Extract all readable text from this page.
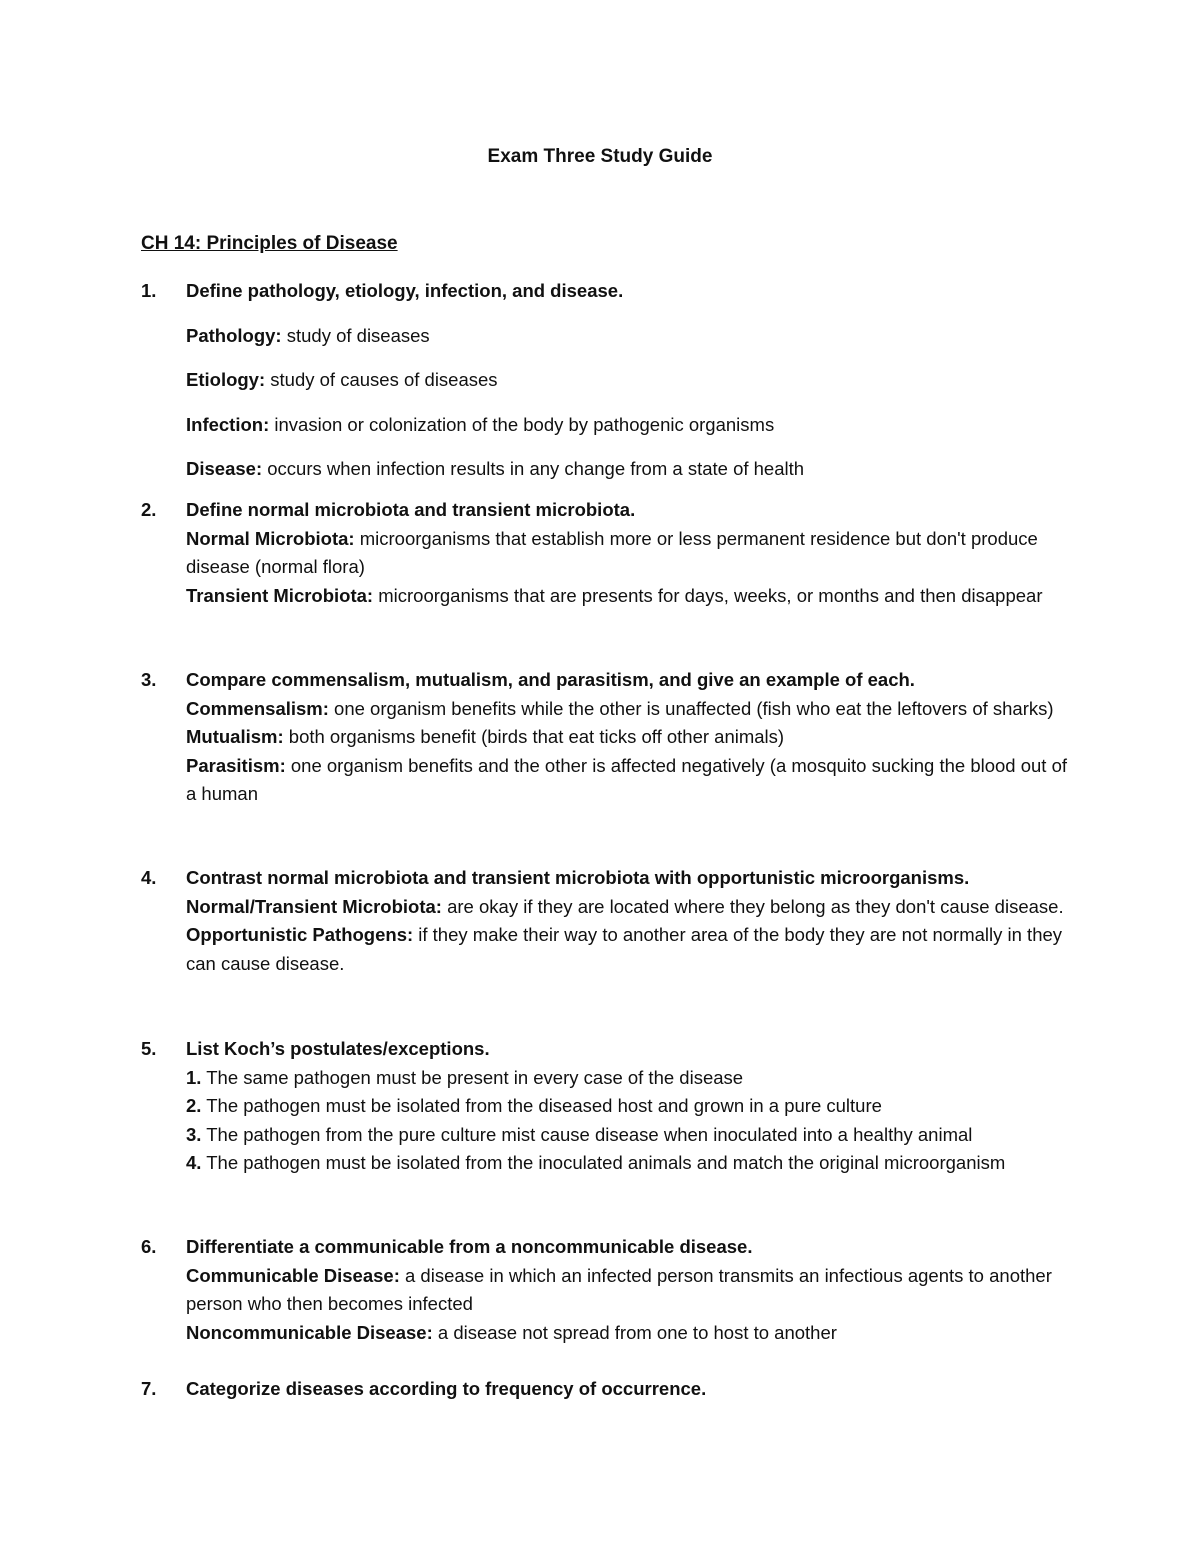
Exam Three Study Guide
CH 14: Principles of Disease
1. Define pathology, etiology, infection, and disease.
Pathology: study of diseases
Etiology: study of causes of diseases
Infection: invasion or colonization of the body by pathogenic organisms
Disease: occurs when infection results in any change from a state of health
2. Define normal microbiota and transient microbiota.
Normal Microbiota: microorganisms that establish more or less permanent residence but don't produce disease (normal flora)
Transient Microbiota: microorganisms that are presents for days, weeks, or months and then disappear
3. Compare commensalism, mutualism, and parasitism, and give an example of each.
Commensalism: one organism benefits while the other is unaffected (fish who eat the leftovers of sharks)
Mutualism: both organisms benefit (birds that eat ticks off other animals)
Parasitism: one organism benefits and the other is affected negatively (a mosquito sucking the blood out of a human
4. Contrast normal microbiota and transient microbiota with opportunistic microorganisms.
Normal/Transient Microbiota: are okay if they are located where they belong as they don't cause disease.
Opportunistic Pathogens: if they make their way to another area of the body they are not normally in they can cause disease.
5. List Koch’s postulates/exceptions.
1. The same pathogen must be present in every case of the disease
2. The pathogen must be isolated from the diseased host and grown in a pure culture
3. The pathogen from the pure culture mist cause disease when inoculated into a healthy animal
4. The pathogen must be isolated from the inoculated animals and match the original microorganism
6. Differentiate a communicable from a noncommunicable disease.
Communicable Disease: a disease in which an infected person transmits an infectious agents to another person who then becomes infected
Noncommunicable Disease: a disease not spread from one to host to another
7. Categorize diseases according to frequency of occurrence.
